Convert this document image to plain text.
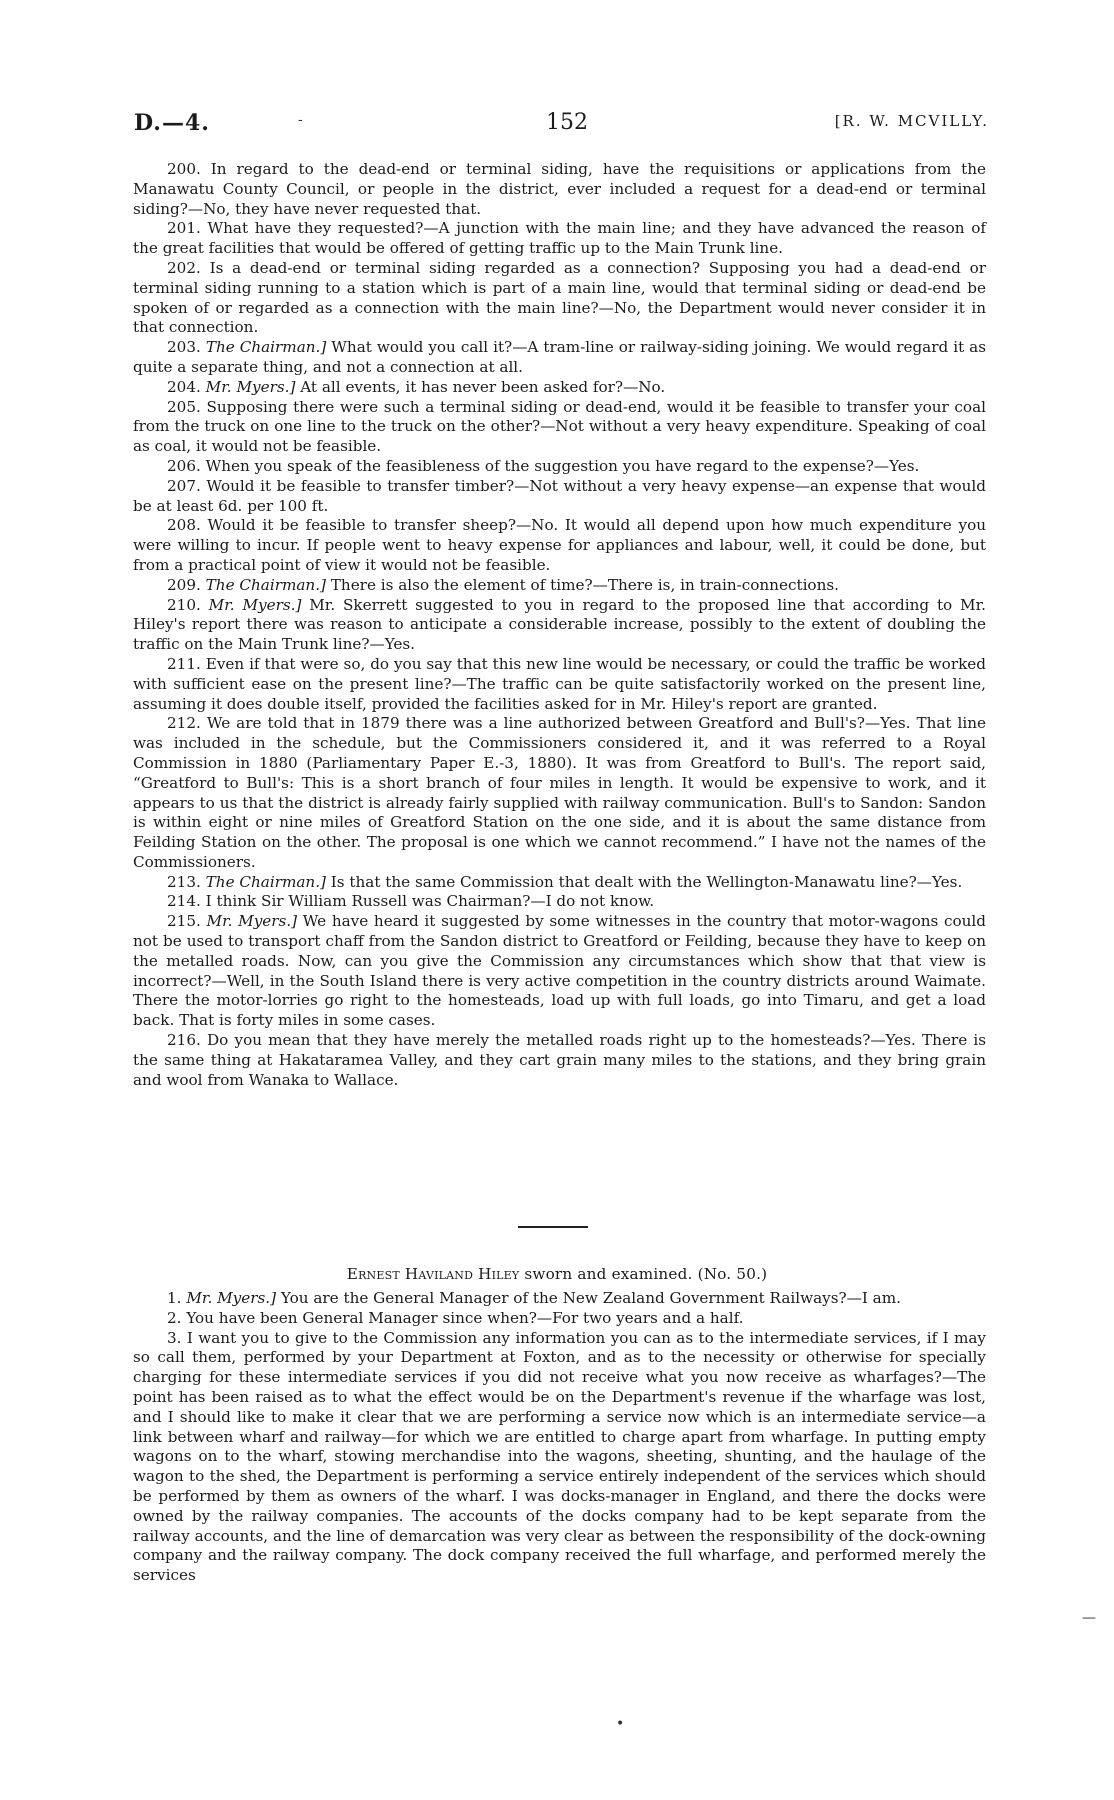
D.—4.	152	[R. W. MCVILLY.
-

200. In regard to the dead-end or terminal siding, have the requisitions or applications from the Manawatu County Council, or people in the district, ever included a request for a dead-end or terminal siding?—No, they have never requested that.

201. What have they requested?—A junction with the main line; and they have advanced the reason of the great facilities that would be offered of getting traffic up to the Main Trunk line.

202. Is a dead-end or terminal siding regarded as a connection? Supposing you had a dead-end or terminal siding running to a station which is part of a main line, would that terminal siding or dead-end be spoken of or regarded as a connection with the main line?—No, the Department would never consider it in that connection.

203. The Chairman.] What would you call it?—A tram-line or railway-siding joining. We would regard it as quite a separate thing, and not a connection at all.

204. Mr. Myers.] At all events, it has never been asked for?—No.

205. Supposing there were such a terminal siding or dead-end, would it be feasible to transfer your coal from the truck on one line to the truck on the other?—Not without a very heavy expenditure. Speaking of coal as coal, it would not be feasible.

206. When you speak of the feasibleness of the suggestion you have regard to the expense?—Yes.

207. Would it be feasible to transfer timber?—Not without a very heavy expense—an expense that would be at least 6d. per 100 ft.

208. Would it be feasible to transfer sheep?—No. It would all depend upon how much expenditure you were willing to incur. If people went to heavy expense for appliances and labour, well, it could be done, but from a practical point of view it would not be feasible.

209. The Chairman.] There is also the element of time?—There is, in train-connections.

210. Mr. Myers.] Mr. Skerrett suggested to you in regard to the proposed line that according to Mr. Hiley's report there was reason to anticipate a considerable increase, possibly to the extent of doubling the traffic on the Main Trunk line?—Yes.

211. Even if that were so, do you say that this new line would be necessary, or could the traffic be worked with sufficient ease on the present line?—The traffic can be quite satisfactorily worked on the present line, assuming it does double itself, provided the facilities asked for in Mr. Hiley's report are granted.

212. We are told that in 1879 there was a line authorized between Greatford and Bull's?—Yes. That line was included in the schedule, but the Commissioners considered it, and it was referred to a Royal Commission in 1880 (Parliamentary Paper E.-3, 1880). It was from Greatford to Bull's. The report said, “Greatford to Bull's: This is a short branch of four miles in length. It would be expensive to work, and it appears to us that the district is already fairly supplied with railway communication. Bull's to Sandon: Sandon is within eight or nine miles of Greatford Station on the one side, and it is about the same distance from Feilding Station on the other. The proposal is one which we cannot recommend.” I have not the names of the Commissioners.

213. The Chairman.] Is that the same Commission that dealt with the Wellington-Manawatu line?—Yes.

214. I think Sir William Russell was Chairman?—I do not know.

215. Mr. Myers.] We have heard it suggested by some witnesses in the country that motor-wagons could not be used to transport chaff from the Sandon district to Greatford or Feilding, because they have to keep on the metalled roads. Now, can you give the Commission any circumstances which show that that view is incorrect?—Well, in the South Island there is very active competition in the country districts around Waimate. There the motor-lorries go right to the homesteads, load up with full loads, go into Timaru, and get a load back. That is forty miles in some cases.

216. Do you mean that they have merely the metalled roads right up to the homesteads?—Yes. There is the same thing at Hakataramea Valley, and they cart grain many miles to the stations, and they bring grain and wool from Wanaka to Wallace.

Ernest Haviland Hiley sworn and examined. (No. 50.)

1. Mr. Myers.] You are the General Manager of the New Zealand Government Railways?—I am.

2. You have been General Manager since when?—For two years and a half.

3. I want you to give to the Commission any information you can as to the intermediate services, if I may so call them, performed by your Department at Foxton, and as to the necessity or otherwise for specially charging for these intermediate services if you did not receive what you now receive as wharfages?—The point has been raised as to what the effect would be on the Department's revenue if the wharfage was lost, and I should like to make it clear that we are performing a service now which is an intermediate service—a link between wharf and railway—for which we are entitled to charge apart from wharfage. In putting empty wagons on to the wharf, stowing merchandise into the wagons, sheeting, shunting, and the haulage of the wagon to the shed, the Department is performing a service entirely independent of the services which should be performed by them as owners of the wharf. I was docks-manager in England, and there the docks were owned by the railway companies. The accounts of the docks company had to be kept separate from the railway accounts, and the line of demarcation was very clear as between the responsibility of the dock-owning company and the railway company. The dock company received the full wharfage, and performed merely the services

•
—
